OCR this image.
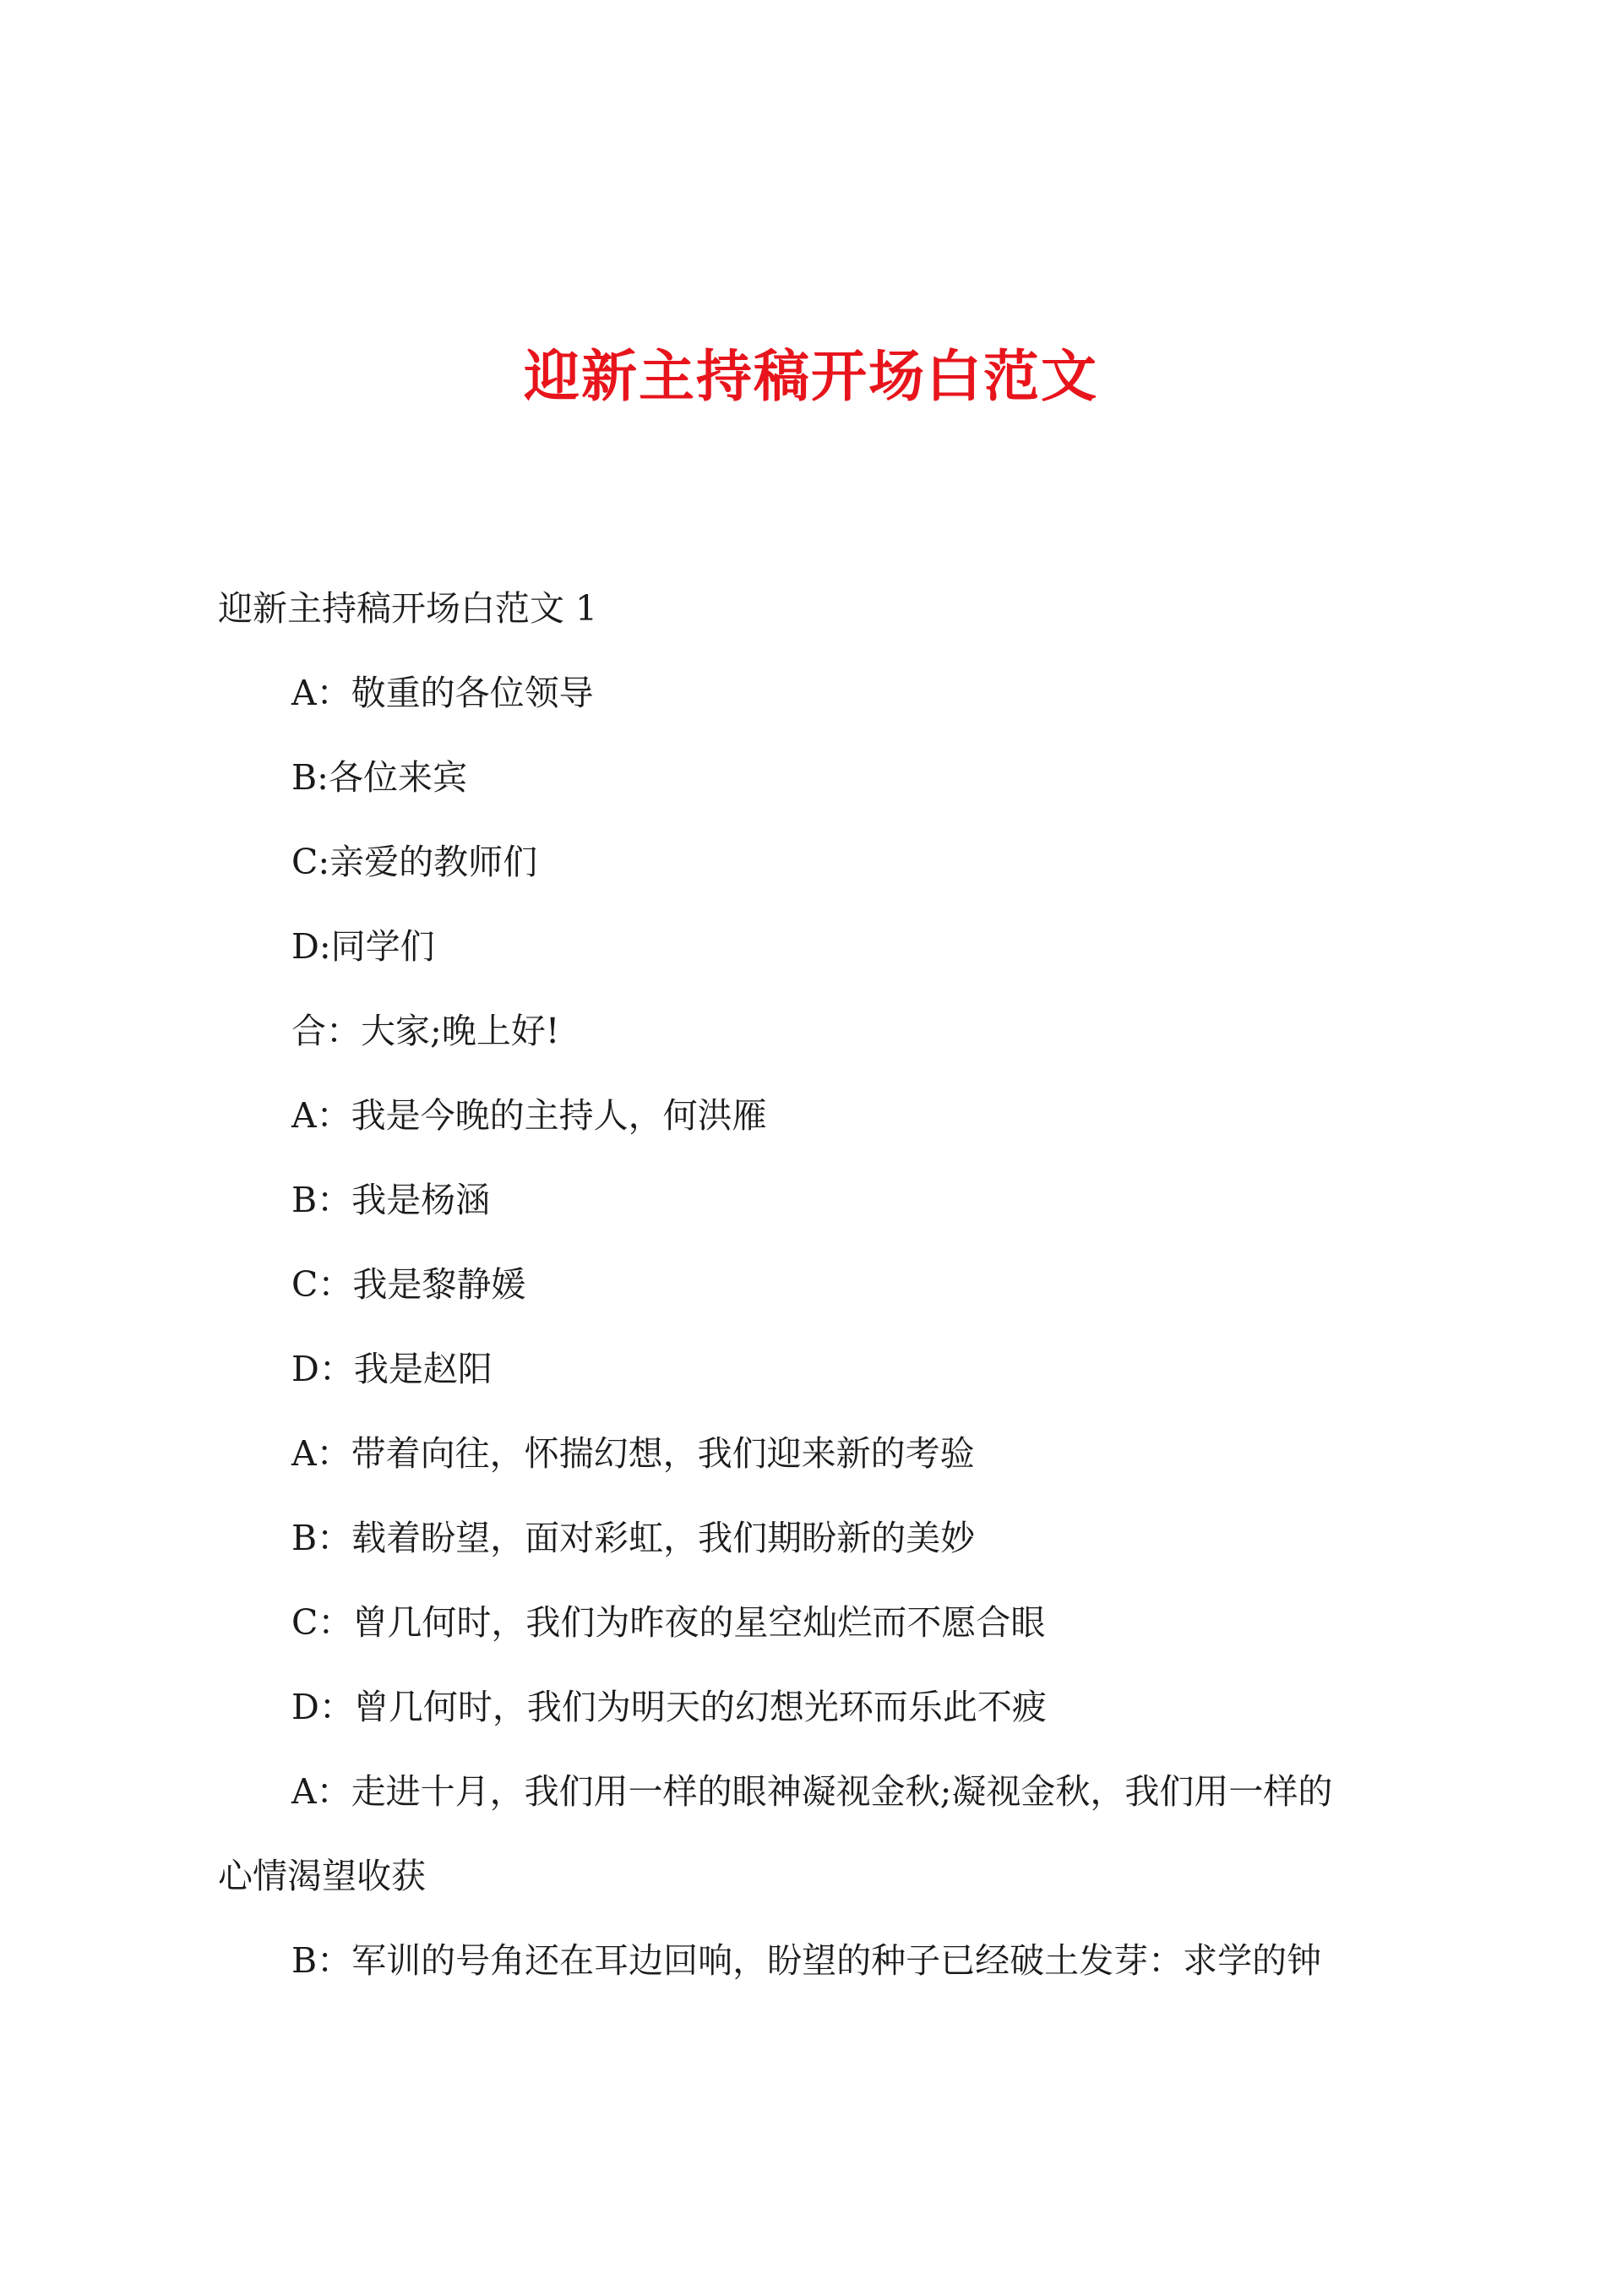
迎新主持稿开场白范文
迎新主持稿开场白范文 1
A：敬重的各位领导
B:各位来宾
C:亲爱的教师们
D:同学们
合：大家;晚上好!
A：我是今晚的主持人，何洪雁
B：我是杨涵
C：我是黎静媛
D：我是赵阳
A：带着向往，怀揣幻想，我们迎来新的考验
B：载着盼望，面对彩虹，我们期盼新的美妙
C：曾几何时，我们为昨夜的星空灿烂而不愿合眼
D：曾几何时，我们为明天的幻想光环而乐此不疲
A：走进十月，我们用一样的眼神凝视金秋;凝视金秋，我们用一样的
心情渴望收获
B：军训的号角还在耳边回响，盼望的种子已经破土发芽：求学的钟
